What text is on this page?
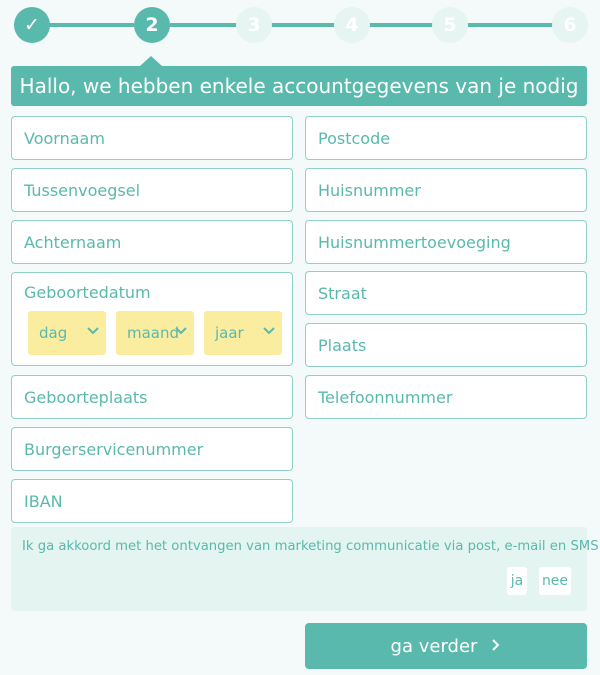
✓	2	3	4	5	6
Hallo, we hebben enkele accountgegevens van je nodig
Voornaam
Tussenvoegsel
Achternaam
Geboortedatum
dag	maand jaar
Geboorteplaats
Burgerservicenummer
IBAN
Postcode
Huisnummer
Huisnummertoevoeging
Straat
Plaats
Telefoonnummer
Ik ga akkoord met het ontvangen van marketing communicatie via post, e-mail en SMS
ja nee
ga verder
